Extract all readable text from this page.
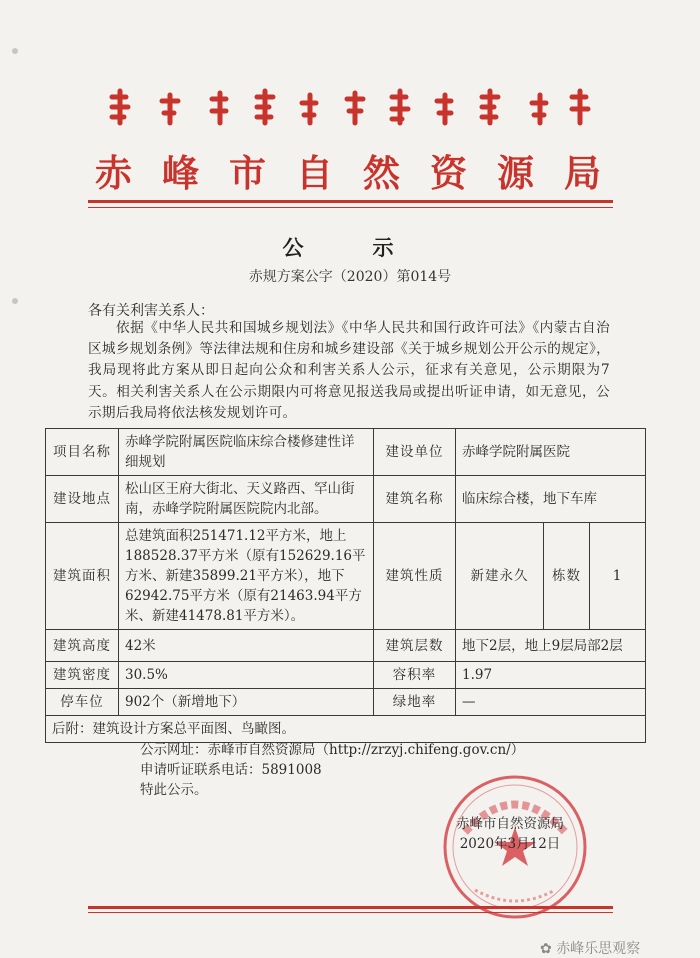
赤峰市自然资源局
公　示
赤规方案公字（2020）第014号
各有关利害关系人：
依据《中华人民共和国城乡规划法》《中华人民共和国行政许可法》《内蒙古自治区城乡规划条例》等法律法规和住房和城乡建设部《关于城乡规划公开公示的规定》，我局现将此方案从即日起向公众和利害关系人公示，征求有关意见，公示期限为7天。相关利害关系人在公示期限内可将意见报送我局或提出听证申请，如无意见，公示期后我局将依法核发规划许可。
项目名称	赤峰学院附属医院临床综合楼修建性详细规划	建设单位	赤峰学院附属医院		
建设地点	松山区王府大街北、天义路西、罕山街南，赤峰学院附属医院院内北部。	建筑名称	临床综合楼，地下车库		
建筑面积	总建筑面积251471.12平方米，地上188528.37平方米（原有152629.16平方米、新建35899.21平方米），地下62942.75平方米（原有21463.94平方米、新建41478.81平方米）。	建筑性质	新建永久	栋数	1
建筑高度	42米	建筑层数	地下2层，地上9层局部2层		
建筑密度	30.5%	容积率	1.97		
停车位	902个（新增地下）	绿地率	—		
后附：建筑设计方案总平面图、鸟瞰图。					
公示网址：赤峰市自然资源局（http://zrzyj.chifeng.gov.cn/）
申请听证联系电话：5891008
特此公示。
赤峰市自然资源局
2020年3月12日
✿ 赤峰乐思观察
